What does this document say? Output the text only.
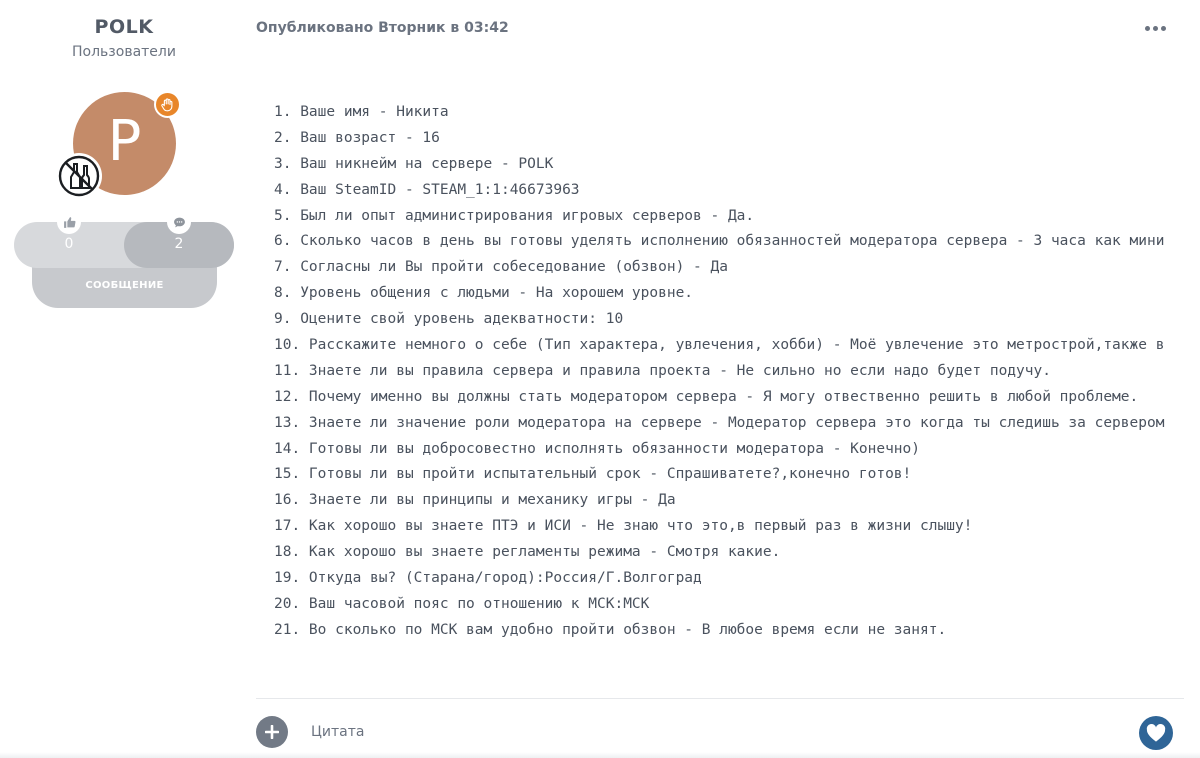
POLK
Пользователи
P
СООБЩЕНИЕ
0	2
Опубликовано Вторник в 03:42
1. Ваше имя - Никита
2. Ваш возраст - 16
3. Ваш никнейм на сервере - POLK
4. Ваш SteamID - STEAM_1:1:46673963
5. Был ли опыт администрирования игровых серверов - Да.
6. Сколько часов в день вы готовы уделять исполнению обязанностей модератора сервера - 3 часа как мини
7. Согласны ли Вы пройти собеседование (обзвон) - Да
8. Уровень общения с людьми - На хорошем уровне.
9. Оцените свой уровень адекватности: 10
10. Расскажите немного о себе (Тип характера, увлечения, хобби) - Моё увлечение это метрострой,также в
11. Знаете ли вы правила сервера и правила проекта - Не сильно но если надо будет подучу.
12. Почему именно вы должны стать модератором сервера - Я могу отвественно решить в любой проблеме.
13. Знаете ли значение роли модератора на сервере - Модератор сервера это когда ты следишь за сервером
14. Готовы ли вы добросовестно исполнять обязанности модератора - Конечно)
15. Готовы ли вы пройти испытательный срок - Спрашиватете?,конечно готов!
16. Знаете ли вы принципы и механику игры - Да
17. Как хорошо вы знаете ПТЭ и ИСИ - Не знаю что это,в первый раз в жизни слышу!
18. Как хорошо вы знаете регламенты режима - Смотря какие.
19. Откуда вы? (Старана/город):Россия/Г.Волгоград
20. Ваш часовой пояс по отношению к МСК:МСК
21. Во сколько по МСК вам удобно пройти обзвон - В любое время если не занят.
Цитата
